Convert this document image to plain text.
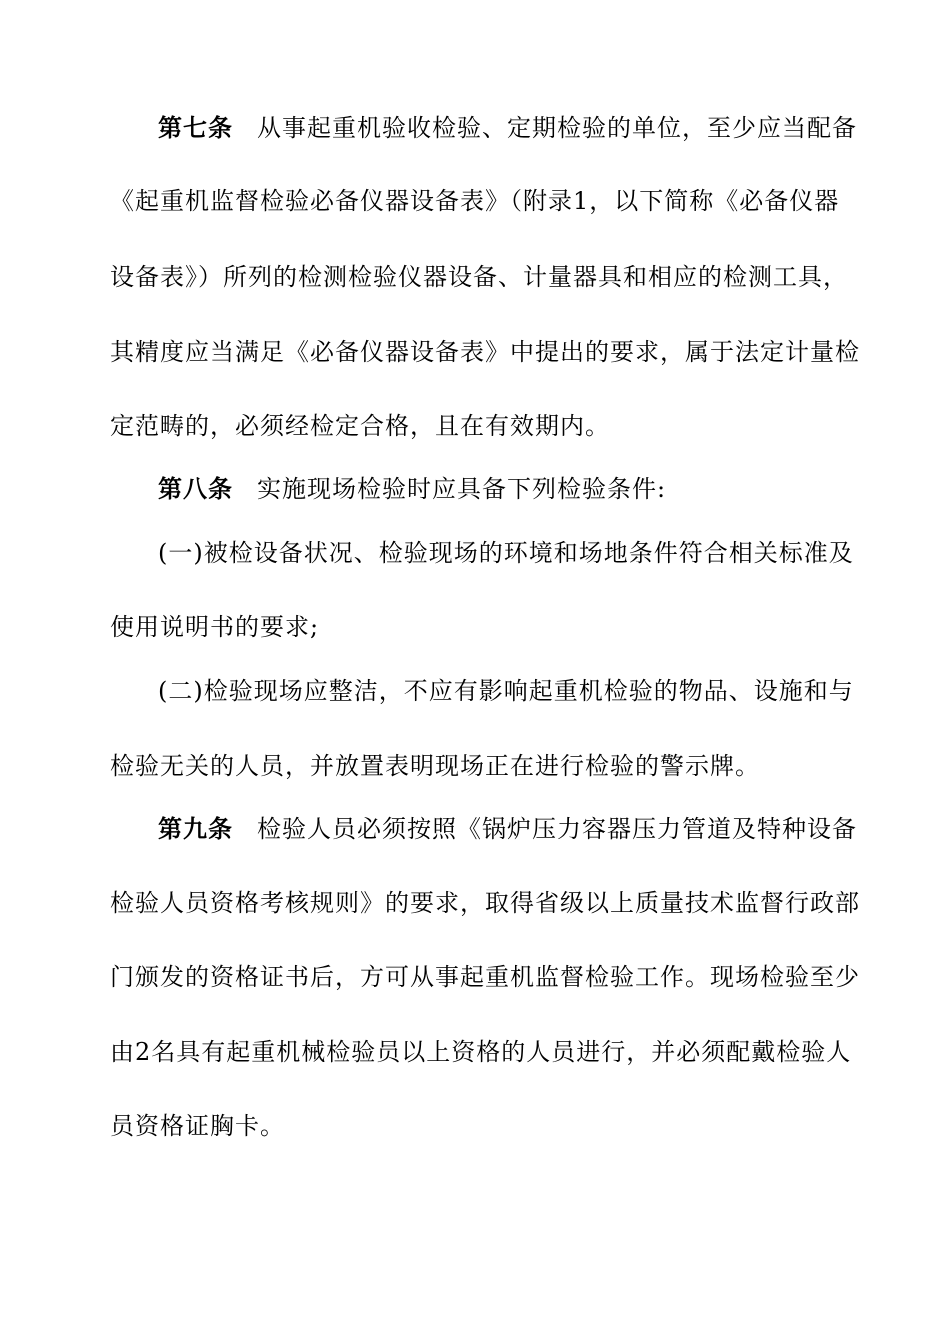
第七条 从事起重机验收检验、定期检验的单位，至少应当配备
《起重机监督检验必备仪器设备表》（附录1，以下简称《必备仪器
设备表》）所列的检测检验仪器设备、计量器具和相应的检测工具，
其精度应当满足《必备仪器设备表》中提出的要求，属于法定计量检
定范畴的，必须经检定合格，且在有效期内。
第八条 实施现场检验时应具备下列检验条件:
(一)被检设备状况、检验现场的环境和场地条件符合相关标准及
使用说明书的要求;
(二)检验现场应整洁，不应有影响起重机检验的物品、设施和与
检验无关的人员，并放置表明现场正在进行检验的警示牌。
第九条 检验人员必须按照《锅炉压力容器压力管道及特种设备
检验人员资格考核规则》的要求，取得省级以上质量技术监督行政部
门颁发的资格证书后，方可从事起重机监督检验工作。现场检验至少
由2名具有起重机械检验员以上资格的人员进行，并必须配戴检验人
员资格证胸卡。
